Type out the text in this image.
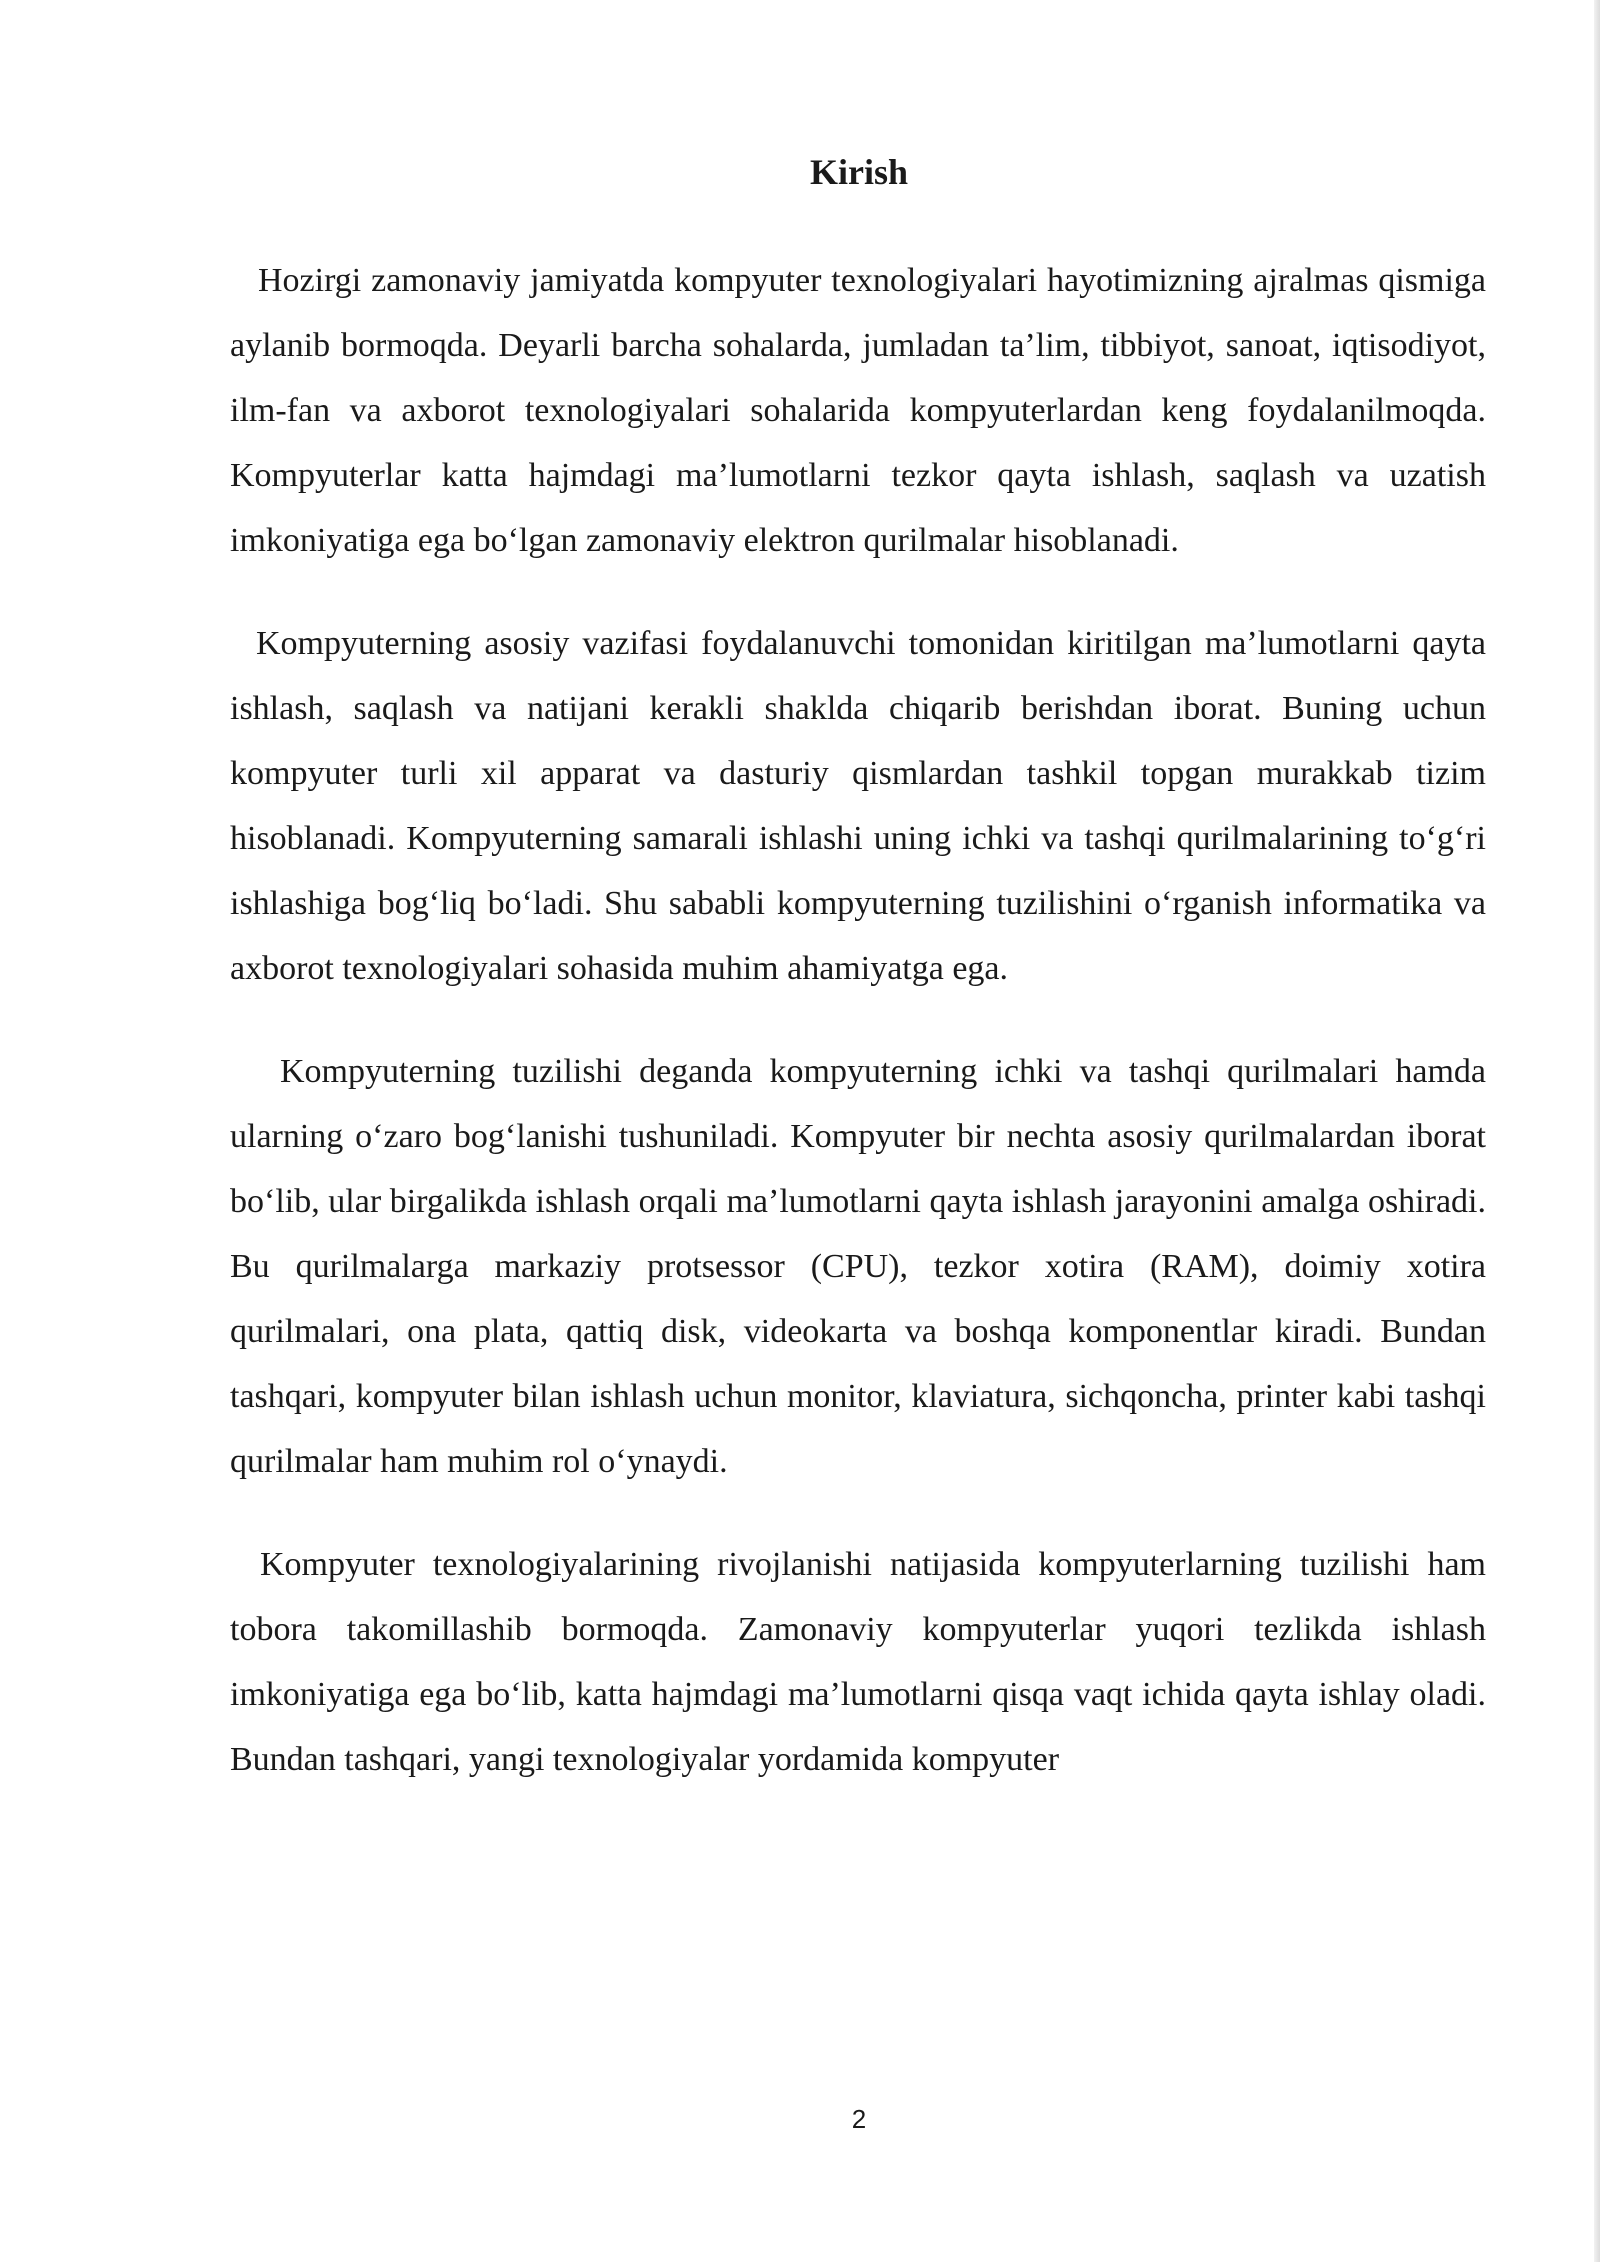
Kirish

Hozirgi zamonaviy jamiyatda kompyuter texnologiyalari hayotimizning ajralmas qismiga aylanib bormoqda. Deyarli barcha sohalarda, jumladan ta’lim, tibbiyot, sanoat, iqtisodiyot, ilm-fan va axborot texnologiyalari sohalarida kompyuterlardan keng foydalanilmoqda. Kompyuterlar katta hajmdagi ma’lumotlarni tezkor qayta ishlash, saqlash va uzatish imkoniyatiga ega bo‘lgan zamonaviy elektron qurilmalar hisoblanadi.

Kompyuterning asosiy vazifasi foydalanuvchi tomonidan kiritilgan ma’lumotlarni qayta ishlash, saqlash va natijani kerakli shaklda chiqarib berishdan iborat. Buning uchun kompyuter turli xil apparat va dasturiy qismlardan tashkil topgan murakkab tizim hisoblanadi. Kompyuterning samarali ishlashi uning ichki va tashqi qurilmalarining to‘g‘ri ishlashiga bog‘liq bo‘ladi. Shu sababli kompyuterning tuzilishini o‘rganish informatika va axborot texnologiyalari sohasida muhim ahamiyatga ega.

Kompyuterning tuzilishi deganda kompyuterning ichki va tashqi qurilmalari hamda ularning o‘zaro bog‘lanishi tushuniladi. Kompyuter bir nechta asosiy qurilmalardan iborat bo‘lib, ular birgalikda ishlash orqali ma’lumotlarni qayta ishlash jarayonini amalga oshiradi. Bu qurilmalarga markaziy protsessor (CPU), tezkor xotira (RAM), doimiy xotira qurilmalari, ona plata, qattiq disk, videokarta va boshqa komponentlar kiradi. Bundan tashqari, kompyuter bilan ishlash uchun monitor, klaviatura, sichqoncha, printer kabi tashqi qurilmalar ham muhim rol o‘ynaydi.

Kompyuter texnologiyalarining rivojlanishi natijasida kompyuterlarning tuzilishi ham tobora takomillashib bormoqda. Zamonaviy kompyuterlar yuqori tezlikda ishlash imkoniyatiga ega bo‘lib, katta hajmdagi ma’lumotlarni qisqa vaqt ichida qayta ishlay oladi. Bundan tashqari, yangi texnologiyalar yordamida kompyuter

2
